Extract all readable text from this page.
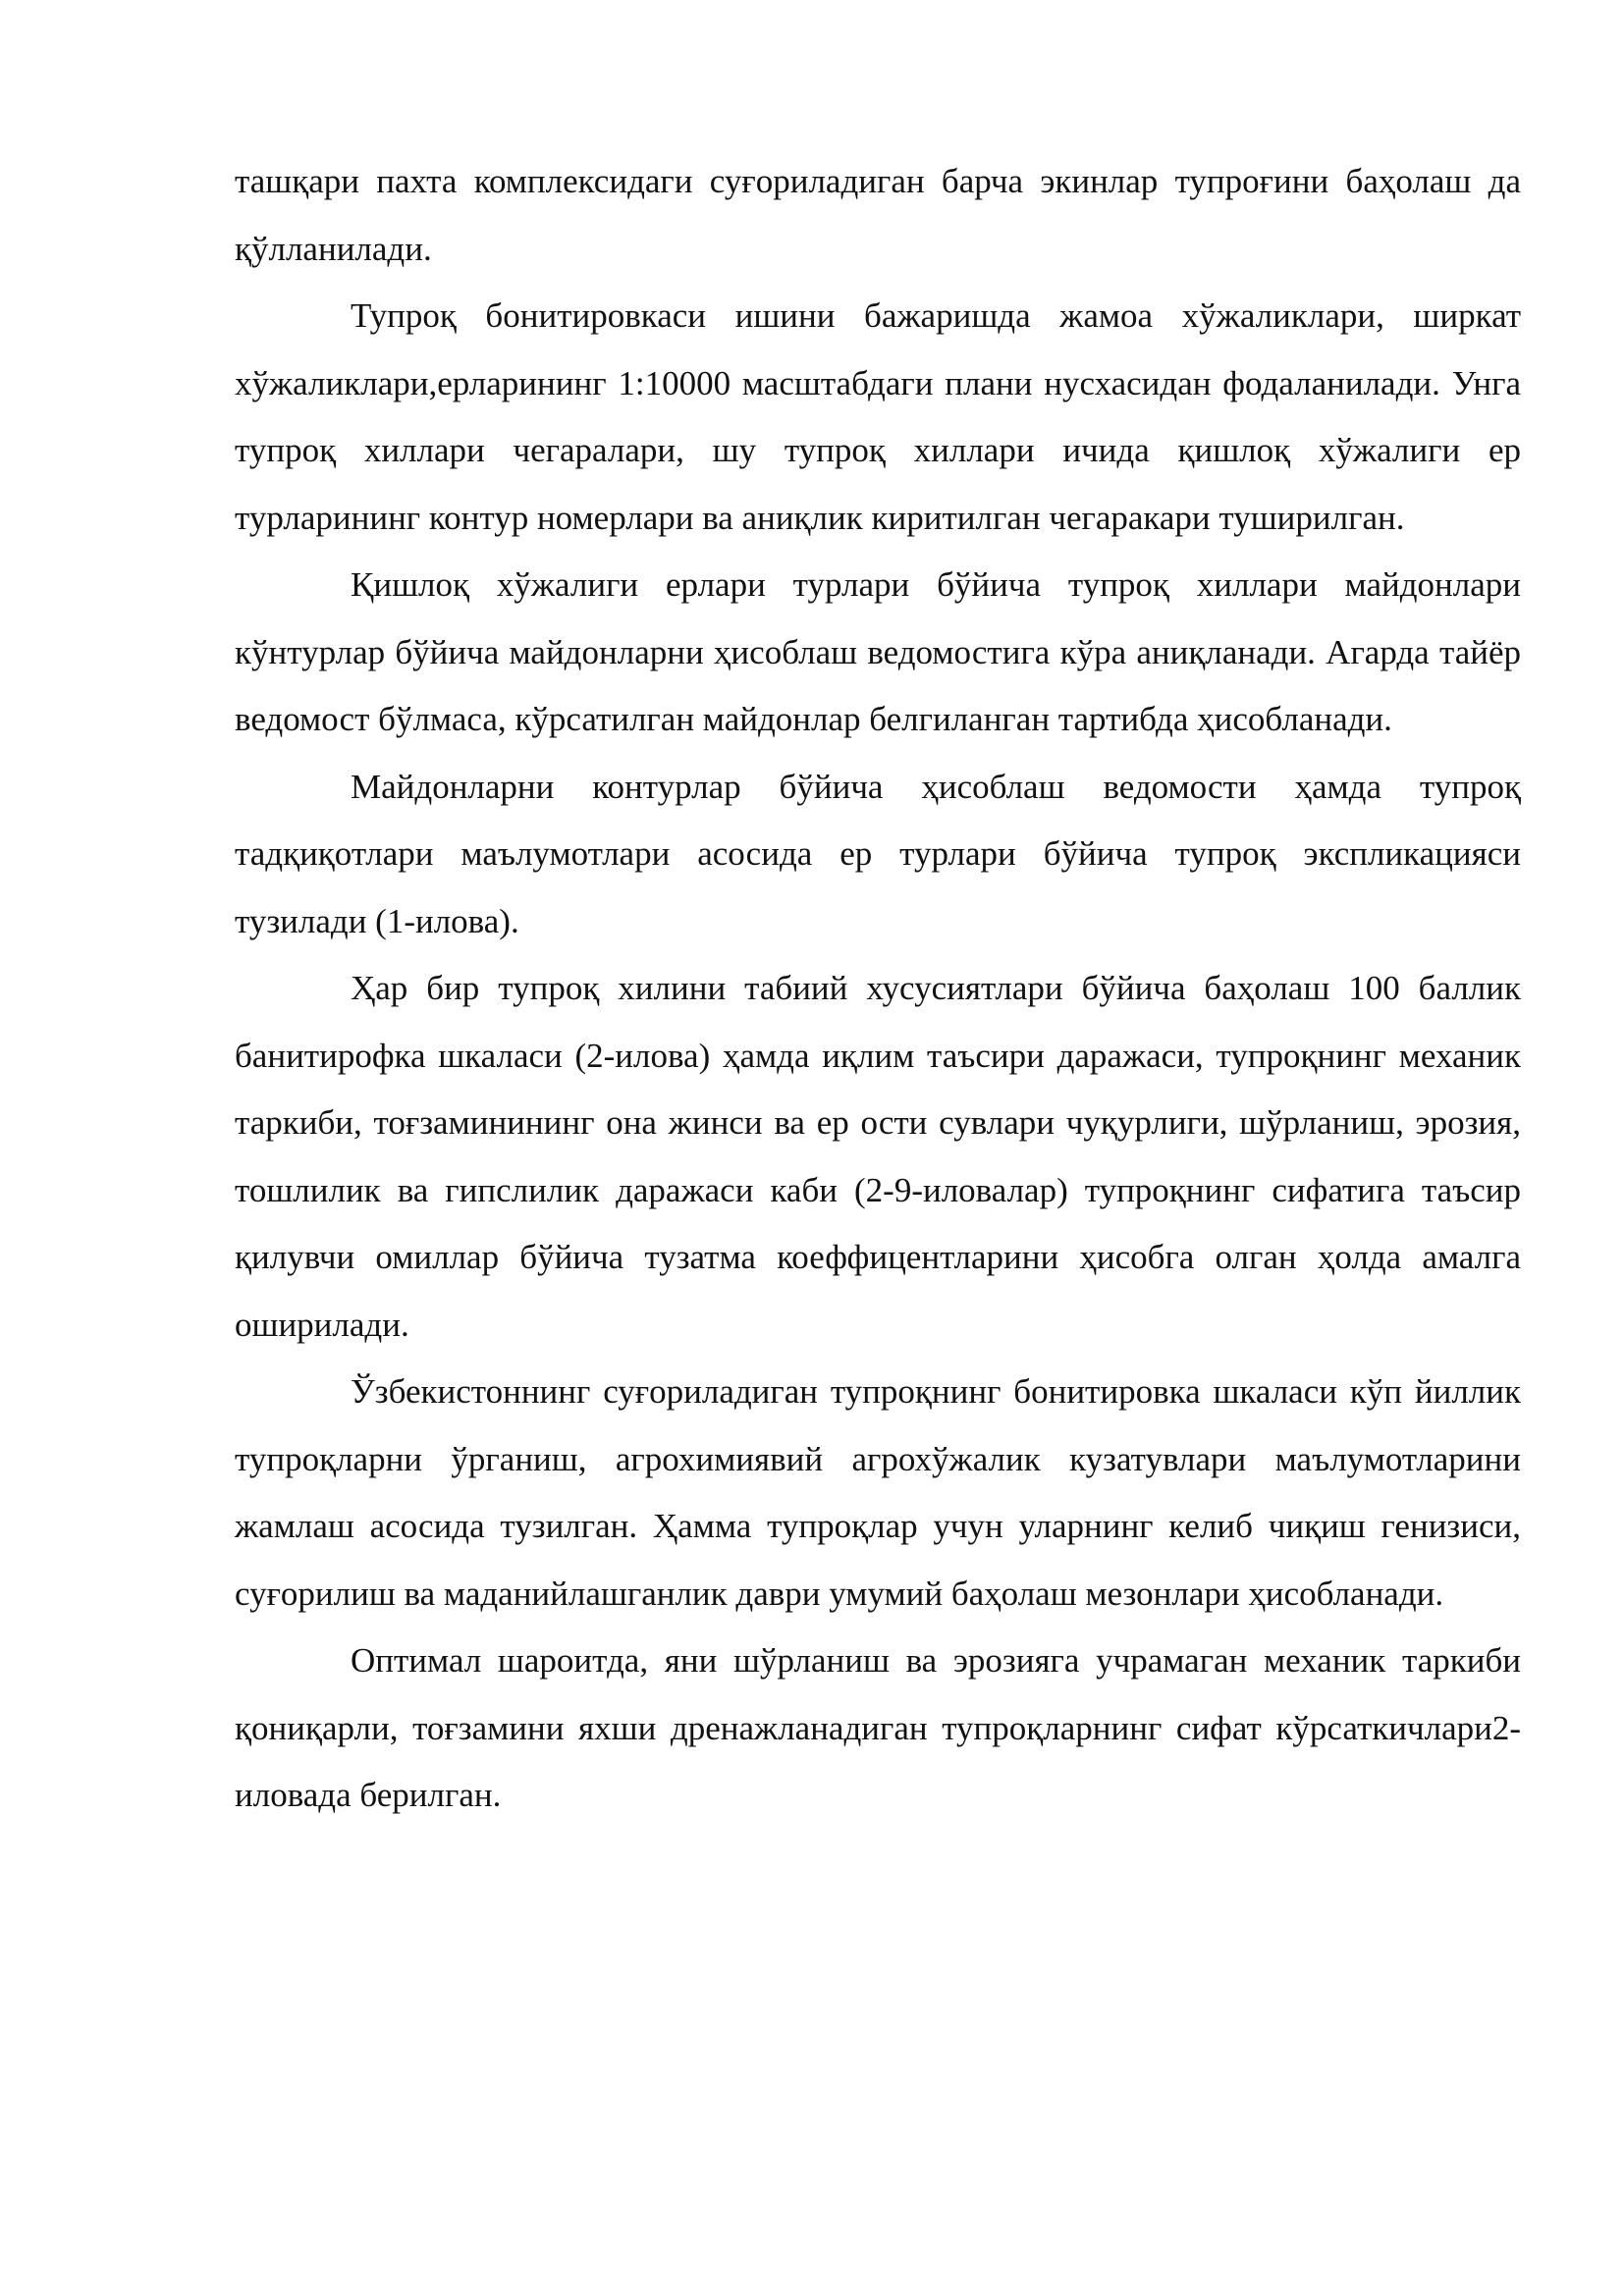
ташқари пахта комплексидаги суғориладиган барча экинлар тупроғини баҳолаш да қўлланилади.

Тупроқ бонитировкаси ишини бажаришда жамоа хўжаликлари, ширкат хўжаликлари,ерларининг 1:10000 масштабдаги плани нусхасидан фодаланилади. Унга тупроқ хиллари чегаралари, шу тупроқ хиллари ичида қишлоқ хўжалиги ер турларининг контур номерлари ва аниқлик киритилган чегаракари туширилган.

Қишлоқ хўжалиги ерлари турлари бўйича тупроқ хиллари майдонлари кўнтурлар бўйича майдонларни ҳисоблаш ведомостига кўра аниқланади. Агарда тайёр ведомост бўлмаса, кўрсатилган майдонлар белгиланган тартибда ҳисобланади.

Майдонларни контурлар бўйича ҳисоблаш ведомости ҳамда тупроқ тадқиқотлари маълумотлари асосида ер турлари бўйича тупроқ экспликацияси тузилади (1-илова).

Ҳар бир тупроқ хилини табиий хусусиятлари бўйича баҳолаш 100 баллик банитирофка шкаласи (2-илова) ҳамда иқлим таъсири даражаси, тупроқнинг механик таркиби, тоғзаминининг она жинси ва ер ости сувлари чуқурлиги, шўрланиш, эрозия, тошлилик ва гипслилик даражаси каби (2-9-иловалар) тупроқнинг сифатига таъсир қилувчи омиллар бўйича тузатма коеффицентларини ҳисобга олган ҳолда амалга оширилади.

Ўзбекистоннинг суғориладиган тупроқнинг бонитировка шкаласи кўп йиллик тупроқларни ўрганиш, агрохимиявий агрохўжалик кузатувлари маълумотларини жамлаш асосида тузилган. Ҳамма тупроқлар учун уларнинг келиб чиқиш генизиси, суғорилиш ва маданийлашганлик даври умумий баҳолаш мезонлари ҳисобланади.

Оптимал шароитда, яни шўрланиш ва эрозияга учрамаган механик таркиби қониқарли, тоғзамини яхши дренажланадиган тупроқларнинг сифат кўрсаткичлари2-иловада берилган.
